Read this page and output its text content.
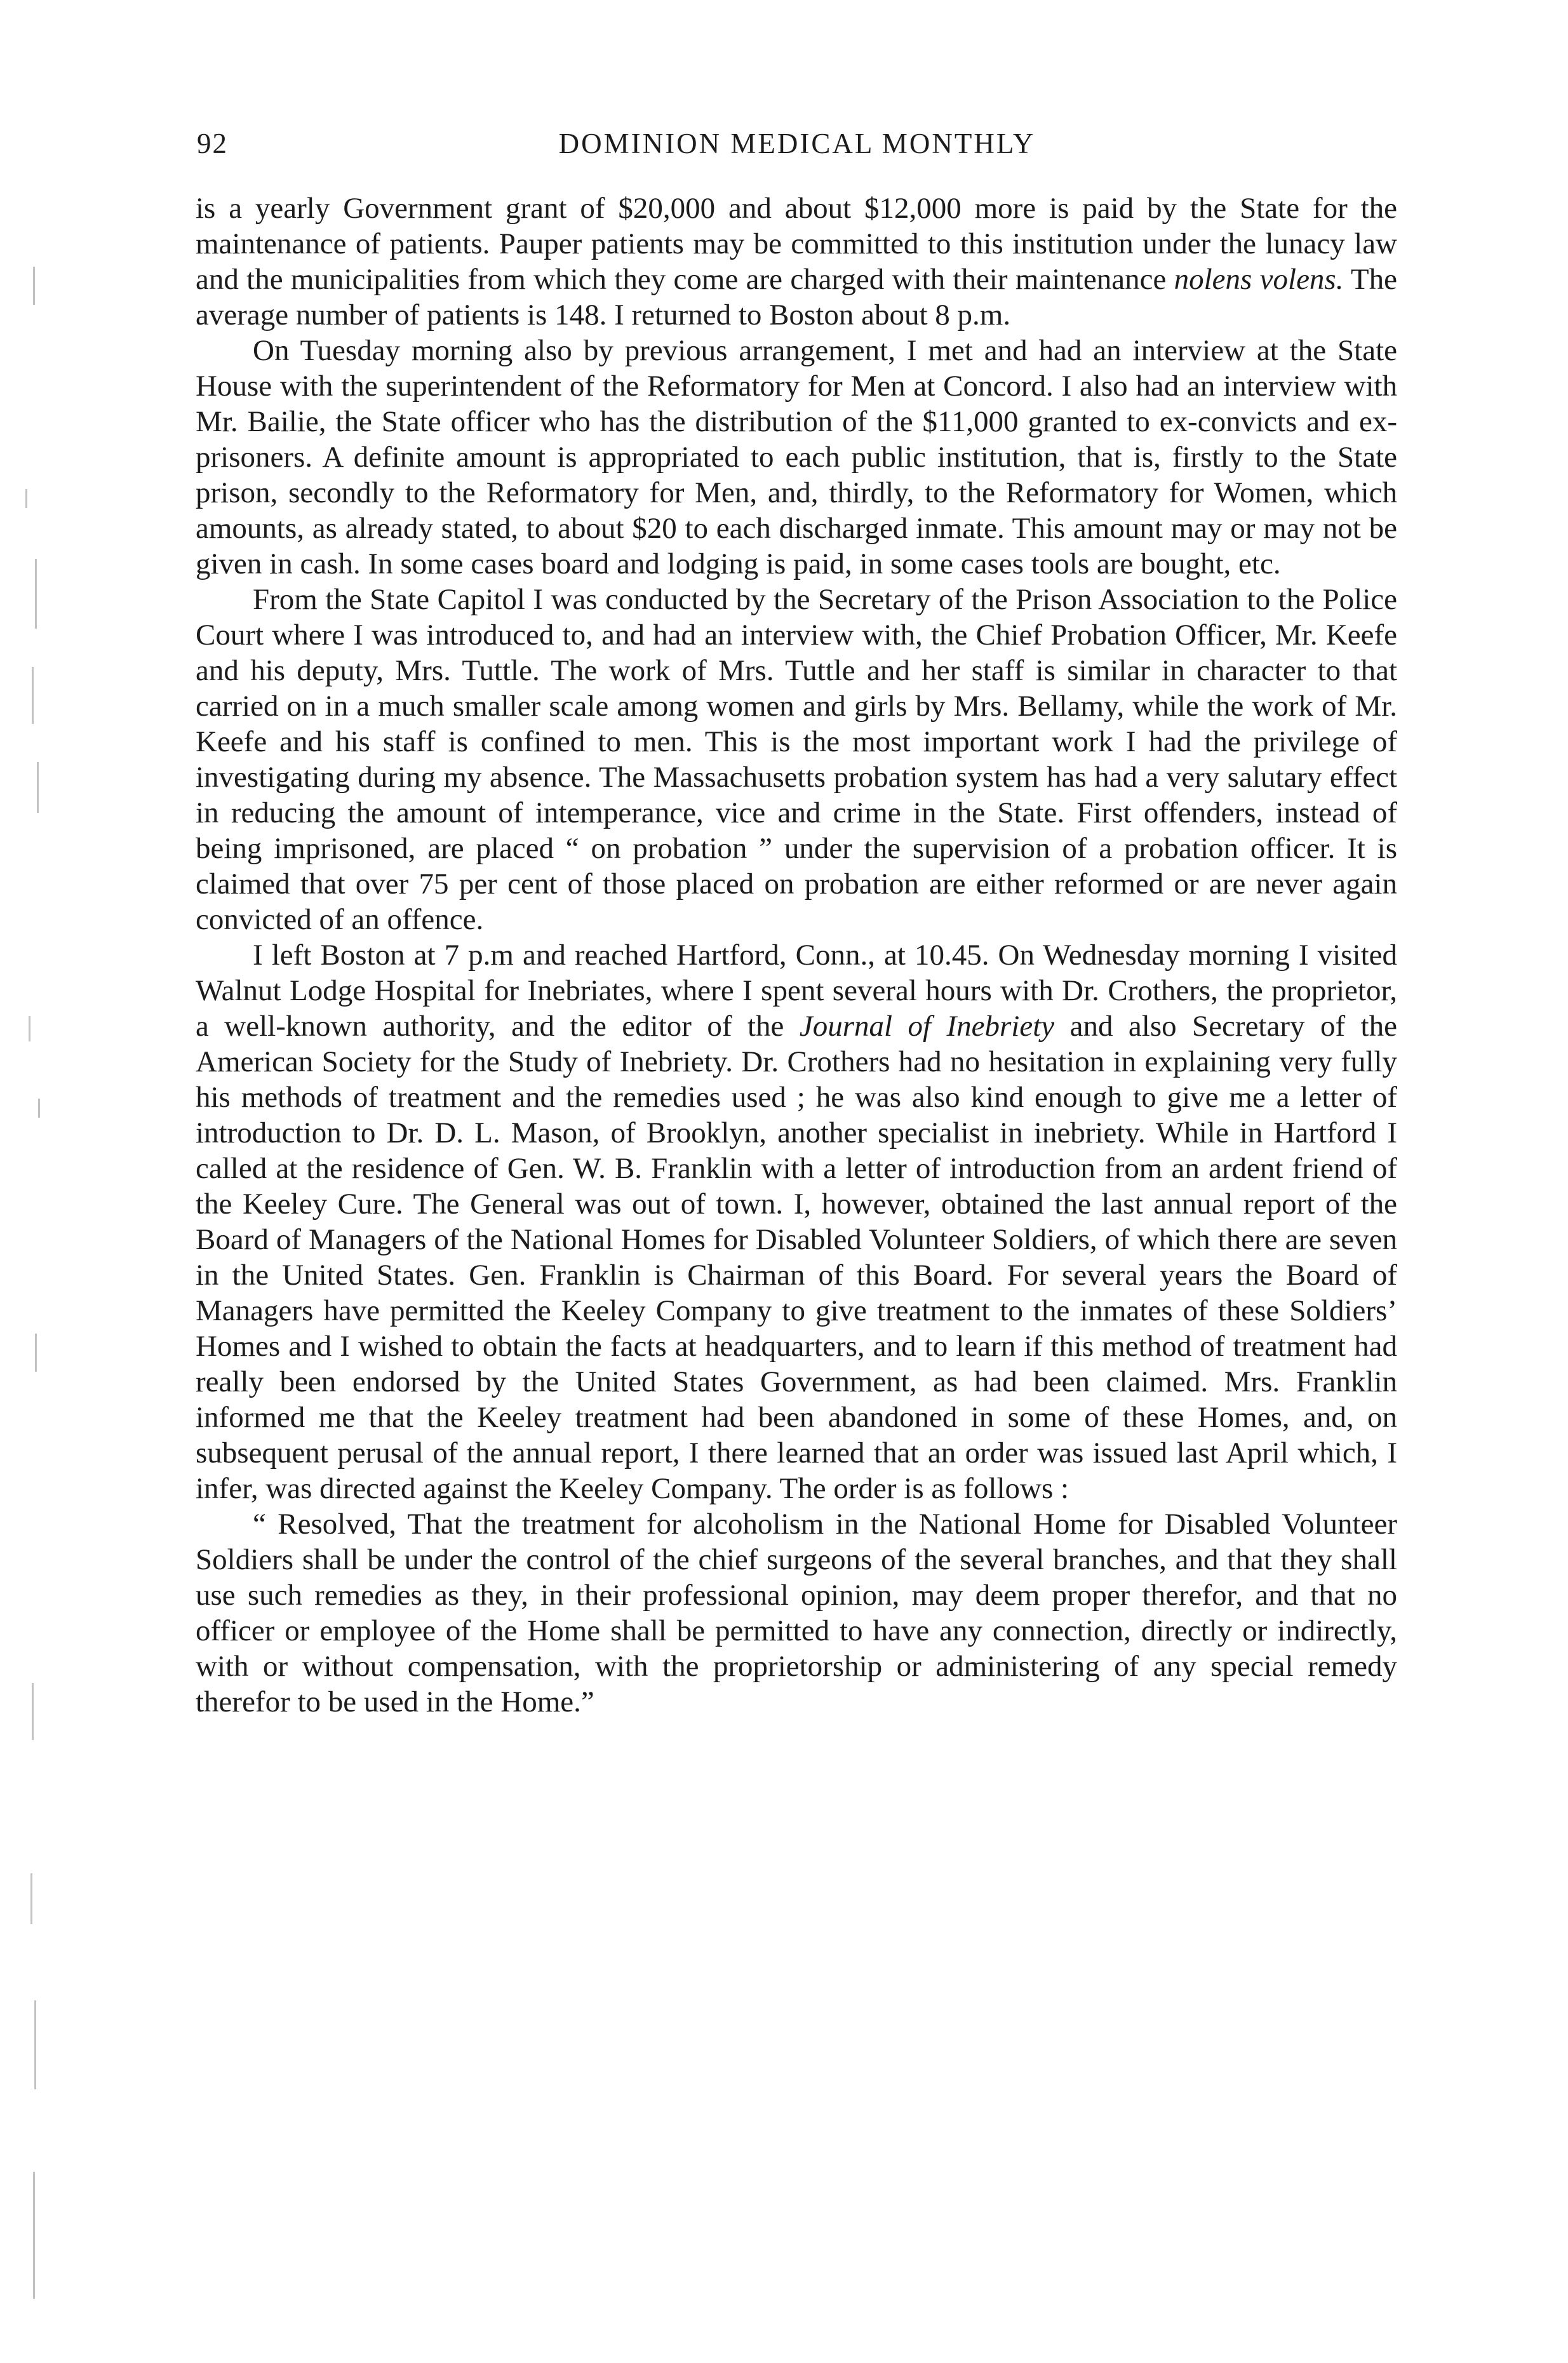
92	DOMINION MEDICAL MONTHLY

is a yearly Government grant of $20,000 and about $12,000 more is paid by the State for the maintenance of patients. Pauper patients may be committed to this institution under the lunacy law and the municipalities from which they come are charged with their maintenance nolens volens. The average number of patients is 148. I returned to Boston about 8 p.m.

On Tuesday morning also by previous arrangement, I met and had an interview at the State House with the superintendent of the Reformatory for Men at Concord. I also had an interview with Mr. Bailie, the State officer who has the distribution of the $11,000 granted to ex-convicts and ex-prisoners. A definite amount is appropriated to each public institution, that is, firstly to the State prison, secondly to the Reformatory for Men, and, thirdly, to the Reformatory for Women, which amounts, as already stated, to about $20 to each discharged inmate. This amount may or may not be given in cash. In some cases board and lodging is paid, in some cases tools are bought, etc.

From the State Capitol I was conducted by the Secretary of the Prison Association to the Police Court where I was introduced to, and had an interview with, the Chief Probation Officer, Mr. Keefe and his deputy, Mrs. Tuttle. The work of Mrs. Tuttle and her staff is similar in character to that carried on in a much smaller scale among women and girls by Mrs. Bellamy, while the work of Mr. Keefe and his staff is confined to men. This is the most important work I had the privilege of investigating during my absence. The Massachusetts probation system has had a very salutary effect in reducing the amount of intemperance, vice and crime in the State. First offenders, instead of being imprisoned, are placed “ on probation ” under the supervision of a probation officer. It is claimed that over 75 per cent of those placed on probation are either reformed or are never again convicted of an offence.

I left Boston at 7 p.m and reached Hartford, Conn., at 10.45. On Wednesday morning I visited Walnut Lodge Hospital for Inebriates, where I spent several hours with Dr. Crothers, the proprietor, a well-known authority, and the editor of the Journal of Inebriety and also Secretary of the American Society for the Study of Inebriety. Dr. Crothers had no hesitation in explaining very fully his methods of treatment and the remedies used ; he was also kind enough to give me a letter of introduction to Dr. D. L. Mason, of Brooklyn, another specialist in inebriety. While in Hartford I called at the residence of Gen. W. B. Franklin with a letter of introduction from an ardent friend of the Keeley Cure. The General was out of town. I, however, obtained the last annual report of the Board of Managers of the National Homes for Disabled Volunteer Soldiers, of which there are seven in the United States. Gen. Franklin is Chairman of this Board. For several years the Board of Managers have permitted the Keeley Company to give treatment to the inmates of these Soldiers’ Homes and I wished to obtain the facts at headquarters, and to learn if this method of treatment had really been endorsed by the United States Government, as had been claimed. Mrs. Franklin informed me that the Keeley treatment had been abandoned in some of these Homes, and, on subsequent perusal of the annual report, I there learned that an order was issued last April which, I infer, was directed against the Keeley Company. The order is as follows :

“ Resolved, That the treatment for alcoholism in the National Home for Disabled Volunteer Soldiers shall be under the control of the chief surgeons of the several branches, and that they shall use such remedies as they, in their professional opinion, may deem proper therefor, and that no officer or employee of the Home shall be permitted to have any connection, directly or indirectly, with or without compensation, with the proprietorship or administering of any special remedy therefor to be used in the Home.”
